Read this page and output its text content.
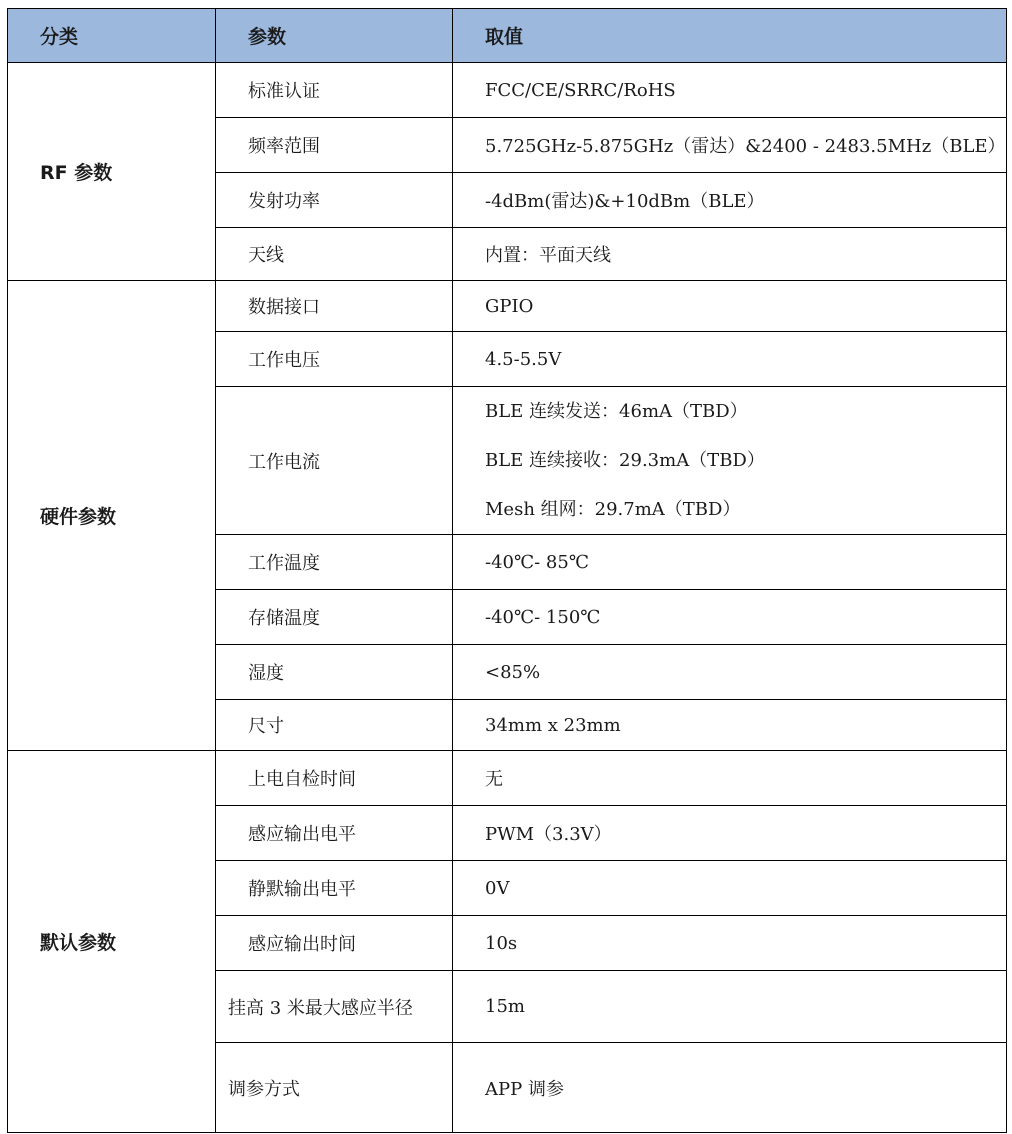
分类	参数	取值
RF 参数	标准认证	FCC/CE/SRRC/RoHS
	频率范围	5.725GHz-5.875GHz（雷达）&2400 - 2483.5MHz（BLE）
	发射功率	-4dBm(雷达)&+10dBm（BLE）
	天线	内置：平面天线
硬件参数	数据接口	GPIO
	工作电压	4.5-5.5V
	工作电流	BLE 连续发送：46mA（TBD）
BLE 连续接收：29.3mA（TBD）
Mesh 组网：29.7mA（TBD）

	工作温度	-40℃- 85℃
	存储温度	-40℃- 150℃
	湿度	<85%
	尺寸	34mm x 23mm
默认参数	上电自检时间	无
	感应输出电平	PWM（3.3V）
	静默输出电平	0V
	感应输出时间	10s
	挂高 3 米最大感应半径	15m
	调参方式	APP 调参
